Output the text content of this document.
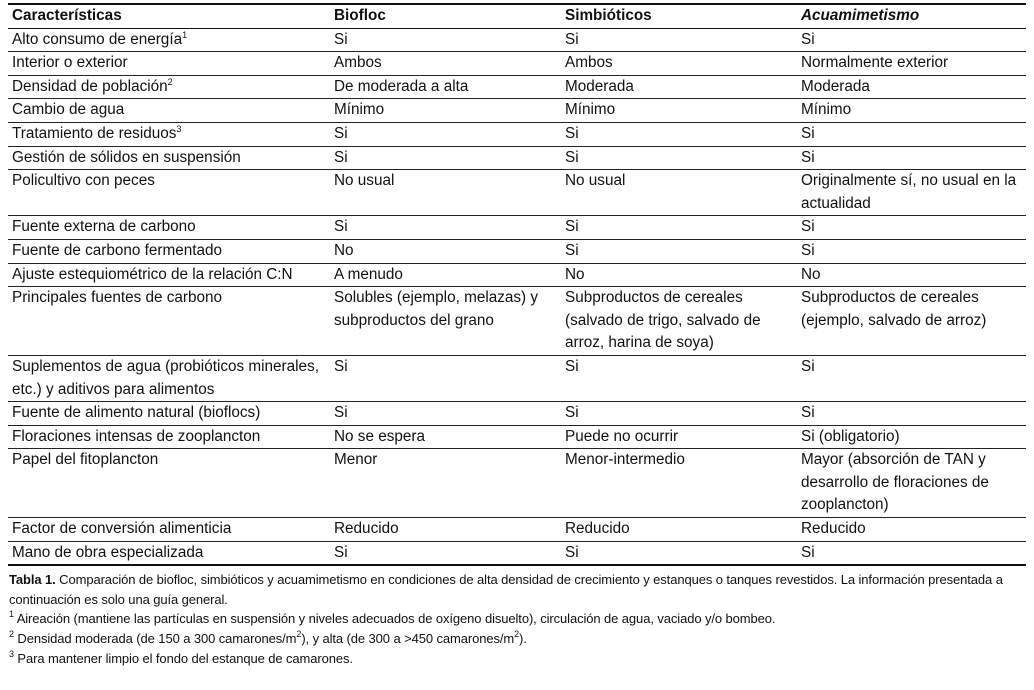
Características	Biofloc	Simbióticos	Acuamimetismo
Alto consumo de energía$^1$	Si	Si	Si
Interior o exterior	Ambos	Ambos	Normalmente exterior
Densidad de población$^2$	De moderada a alta	Moderada	Moderada
Cambio de agua	Mínimo	Mínimo	Mínimo
Tratamiento de residuos$^3$	Si	Si	Si
Gestión de sólidos en suspensión	Si	Si	Si
Policultivo con peces	No usual	No usual	Originalmente sí, no usual en la actualidad
Fuente externa de carbono	Si	Si	Si
Fuente de carbono fermentado	No	Si	Si
Ajuste estequiométrico de la relación C:N	A menudo	No	No
Principales fuentes de carbono	Solubles (ejemplo, melazas) y subproductos del grano	Subproductos de cereales (salvado de trigo, salvado de arroz, harina de soya)	Subproductos de cereales (ejemplo, salvado de arroz)
Suplementos de agua (probióticos minerales, etc.) y aditivos para alimentos	Si	Si	Si
Fuente de alimento natural (bioflocs)	Si	Si	Si
Floraciones intensas de zooplancton	No se espera	Puede no ocurrir	Si (obligatorio)
Papel del fitoplancton	Menor	Menor-intermedio	Mayor (absorción de TAN y desarrollo de floraciones de zooplancton)
Factor de conversión alimenticia	Reducido	Reducido	Reducido
Mano de obra especializada	Si	Si	Si

Tabla 1. Comparación de biofloc, simbióticos y acuamimetismo en condiciones de alta densidad de crecimiento y estanques o tanques revestidos. La información presentada a continuación es solo una guía general.

$^1$ Aireación (mantiene las partículas en suspensión y niveles adecuados de oxígeno disuelto), circulación de agua, vaciado y/o bombeo.

$^2$ Densidad moderada (de 150 a 300 camarones/$m^2$), y alta (de 300 a >450 camarones/$m^2$).

$^3$ Para mantener limpio el fondo del estanque de camarones.
